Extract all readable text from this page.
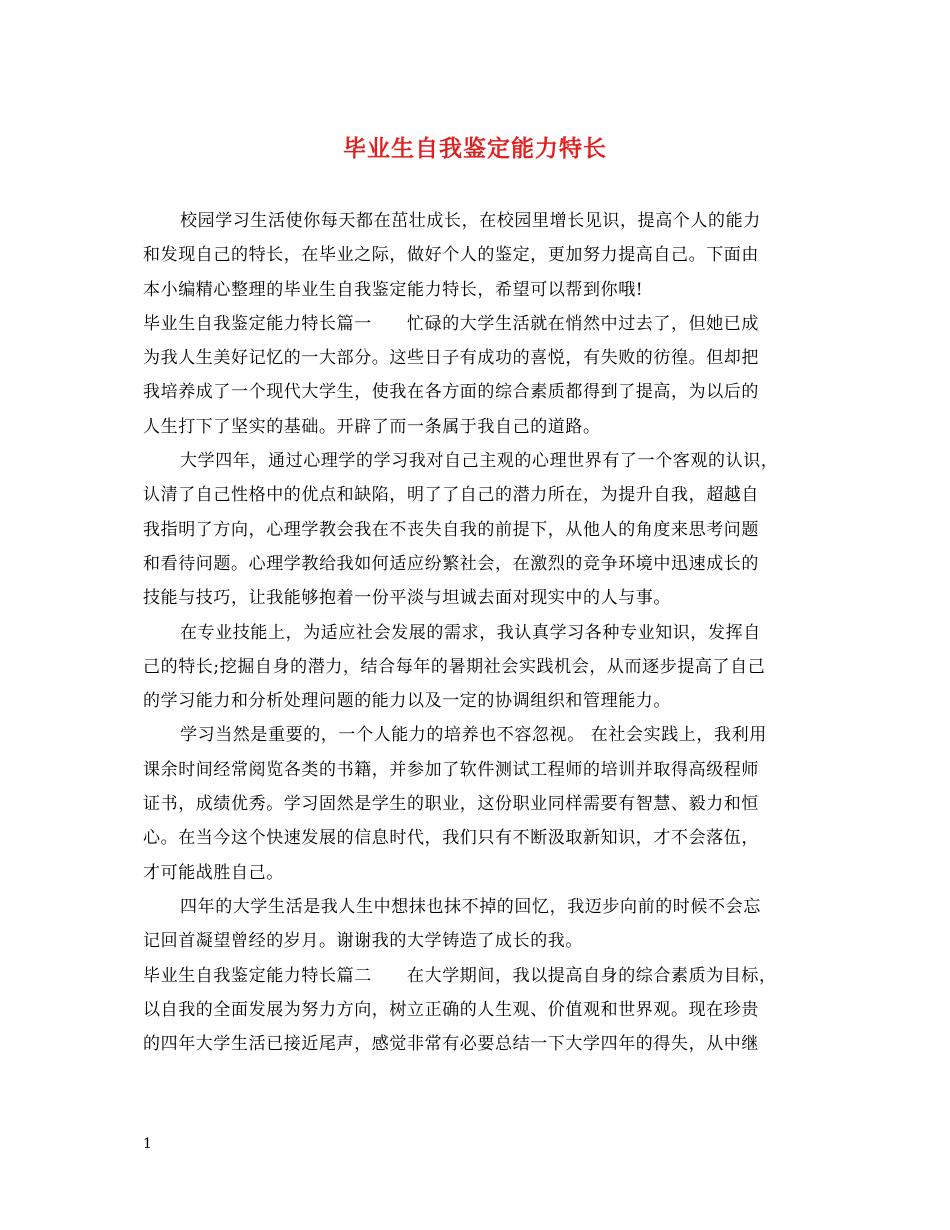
毕业生自我鉴定能力特长
校园学习生活使你每天都在茁壮成长，在校园里增长见识，提高个人的能力
和发现自己的特长，在毕业之际，做好个人的鉴定，更加努力提高自己。下面由
本小编精心整理的毕业生自我鉴定能力特长，希望可以帮到你哦!
毕业生自我鉴定能力特长篇一　　忙碌的大学生活就在悄然中过去了，但她已成
为我人生美好记忆的一大部分。这些日子有成功的喜悦，有失败的彷徨。但却把
我培养成了一个现代大学生，使我在各方面的综合素质都得到了提高，为以后的
人生打下了坚实的基础。开辟了而一条属于我自己的道路。
大学四年，通过心理学的学习我对自己主观的心理世界有了一个客观的认识，
认清了自己性格中的优点和缺陷，明了了自己的潜力所在，为提升自我，超越自
我指明了方向，心理学教会我在不丧失自我的前提下，从他人的角度来思考问题
和看待问题。心理学教给我如何适应纷繁社会，在激烈的竞争环境中迅速成长的
技能与技巧，让我能够抱着一份平淡与坦诚去面对现实中的人与事。
在专业技能上，为适应社会发展的需求，我认真学习各种专业知识，发挥自
己的特长;挖掘自身的潜力，结合每年的暑期社会实践机会，从而逐步提高了自己
的学习能力和分析处理问题的能力以及一定的协调组织和管理能力。
学习当然是重要的，一个人能力的培养也不容忽视。 在社会实践上，我利用
课余时间经常阅览各类的书籍，并参加了软件测试工程师的培训并取得高级程师
证书，成绩优秀。学习固然是学生的职业，这份职业同样需要有智慧、毅力和恒
心。在当今这个快速发展的信息时代，我们只有不断汲取新知识，才不会落伍，
才可能战胜自己。
四年的大学生活是我人生中想抹也抹不掉的回忆，我迈步向前的时候不会忘
记回首凝望曾经的岁月。谢谢我的大学铸造了成长的我。
毕业生自我鉴定能力特长篇二　　在大学期间，我以提高自身的综合素质为目标，
以自我的全面发展为努力方向，树立正确的人生观、价值观和世界观。现在珍贵
的四年大学生活已接近尾声，感觉非常有必要总结一下大学四年的得失，从中继
1
